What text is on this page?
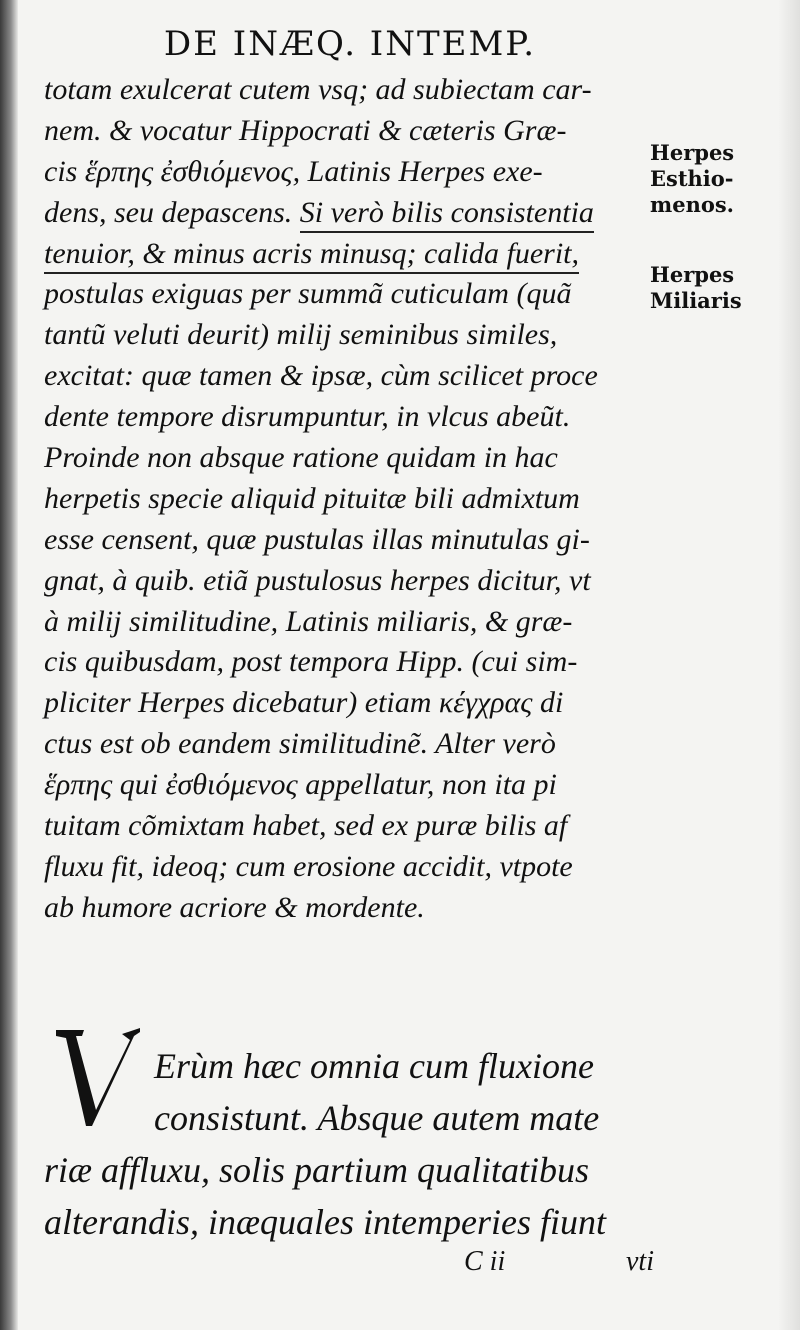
DE INÆQ. INTEMP.
totam exulcerat cutem vsq; ad subiectam car-
nem. & vocatur Hippocrati & cæteris Græ-
cis ἕρπης ἐσθιόμενος, Latinis Herpes exe-
dens, seu depascens. Si verò bilis consistentia
tenuior, & minus acris minusq; calida fuerit,
postulas exiguas per summã cuticulam (quã
tantũ veluti deurit) milij seminibus similes,
excitat: quæ tamen & ipsæ, cùm scilicet proce
dente tempore disrumpuntur, in vlcus abeũt.
Proinde non absque ratione quidam in hac
herpetis specie aliquid pituitæ bili admixtum
esse censent, quæ pustulas illas minutulas gi-
gnat, à quib. etiã pustulosus herpes dicitur, vt
à milij similitudine, Latinis miliaris, & græ-
cis quibusdam, post tempora Hipp. (cui sim-
pliciter Herpes dicebatur) etiam κέγχρας di
ctus est ob eandem similitudinẽ. Alter verò
ἕρπης qui ἐσθιόμενος appellatur, non ita pi
tuitam cõmixtam habet, sed ex puræ bilis af
fluxu fit, ideoq; cum erosione accidit, vtpote
ab humore acriore & mordente.
Herpes
Esthio-
menos.
Herpes
Miliaris
Erùm hæc omnia cum fluxione
consistunt. Absque autem mate
riæ affluxu, solis partium qualitatibus
alterandis, inæquales intemperies fiunt
C ii	vti
